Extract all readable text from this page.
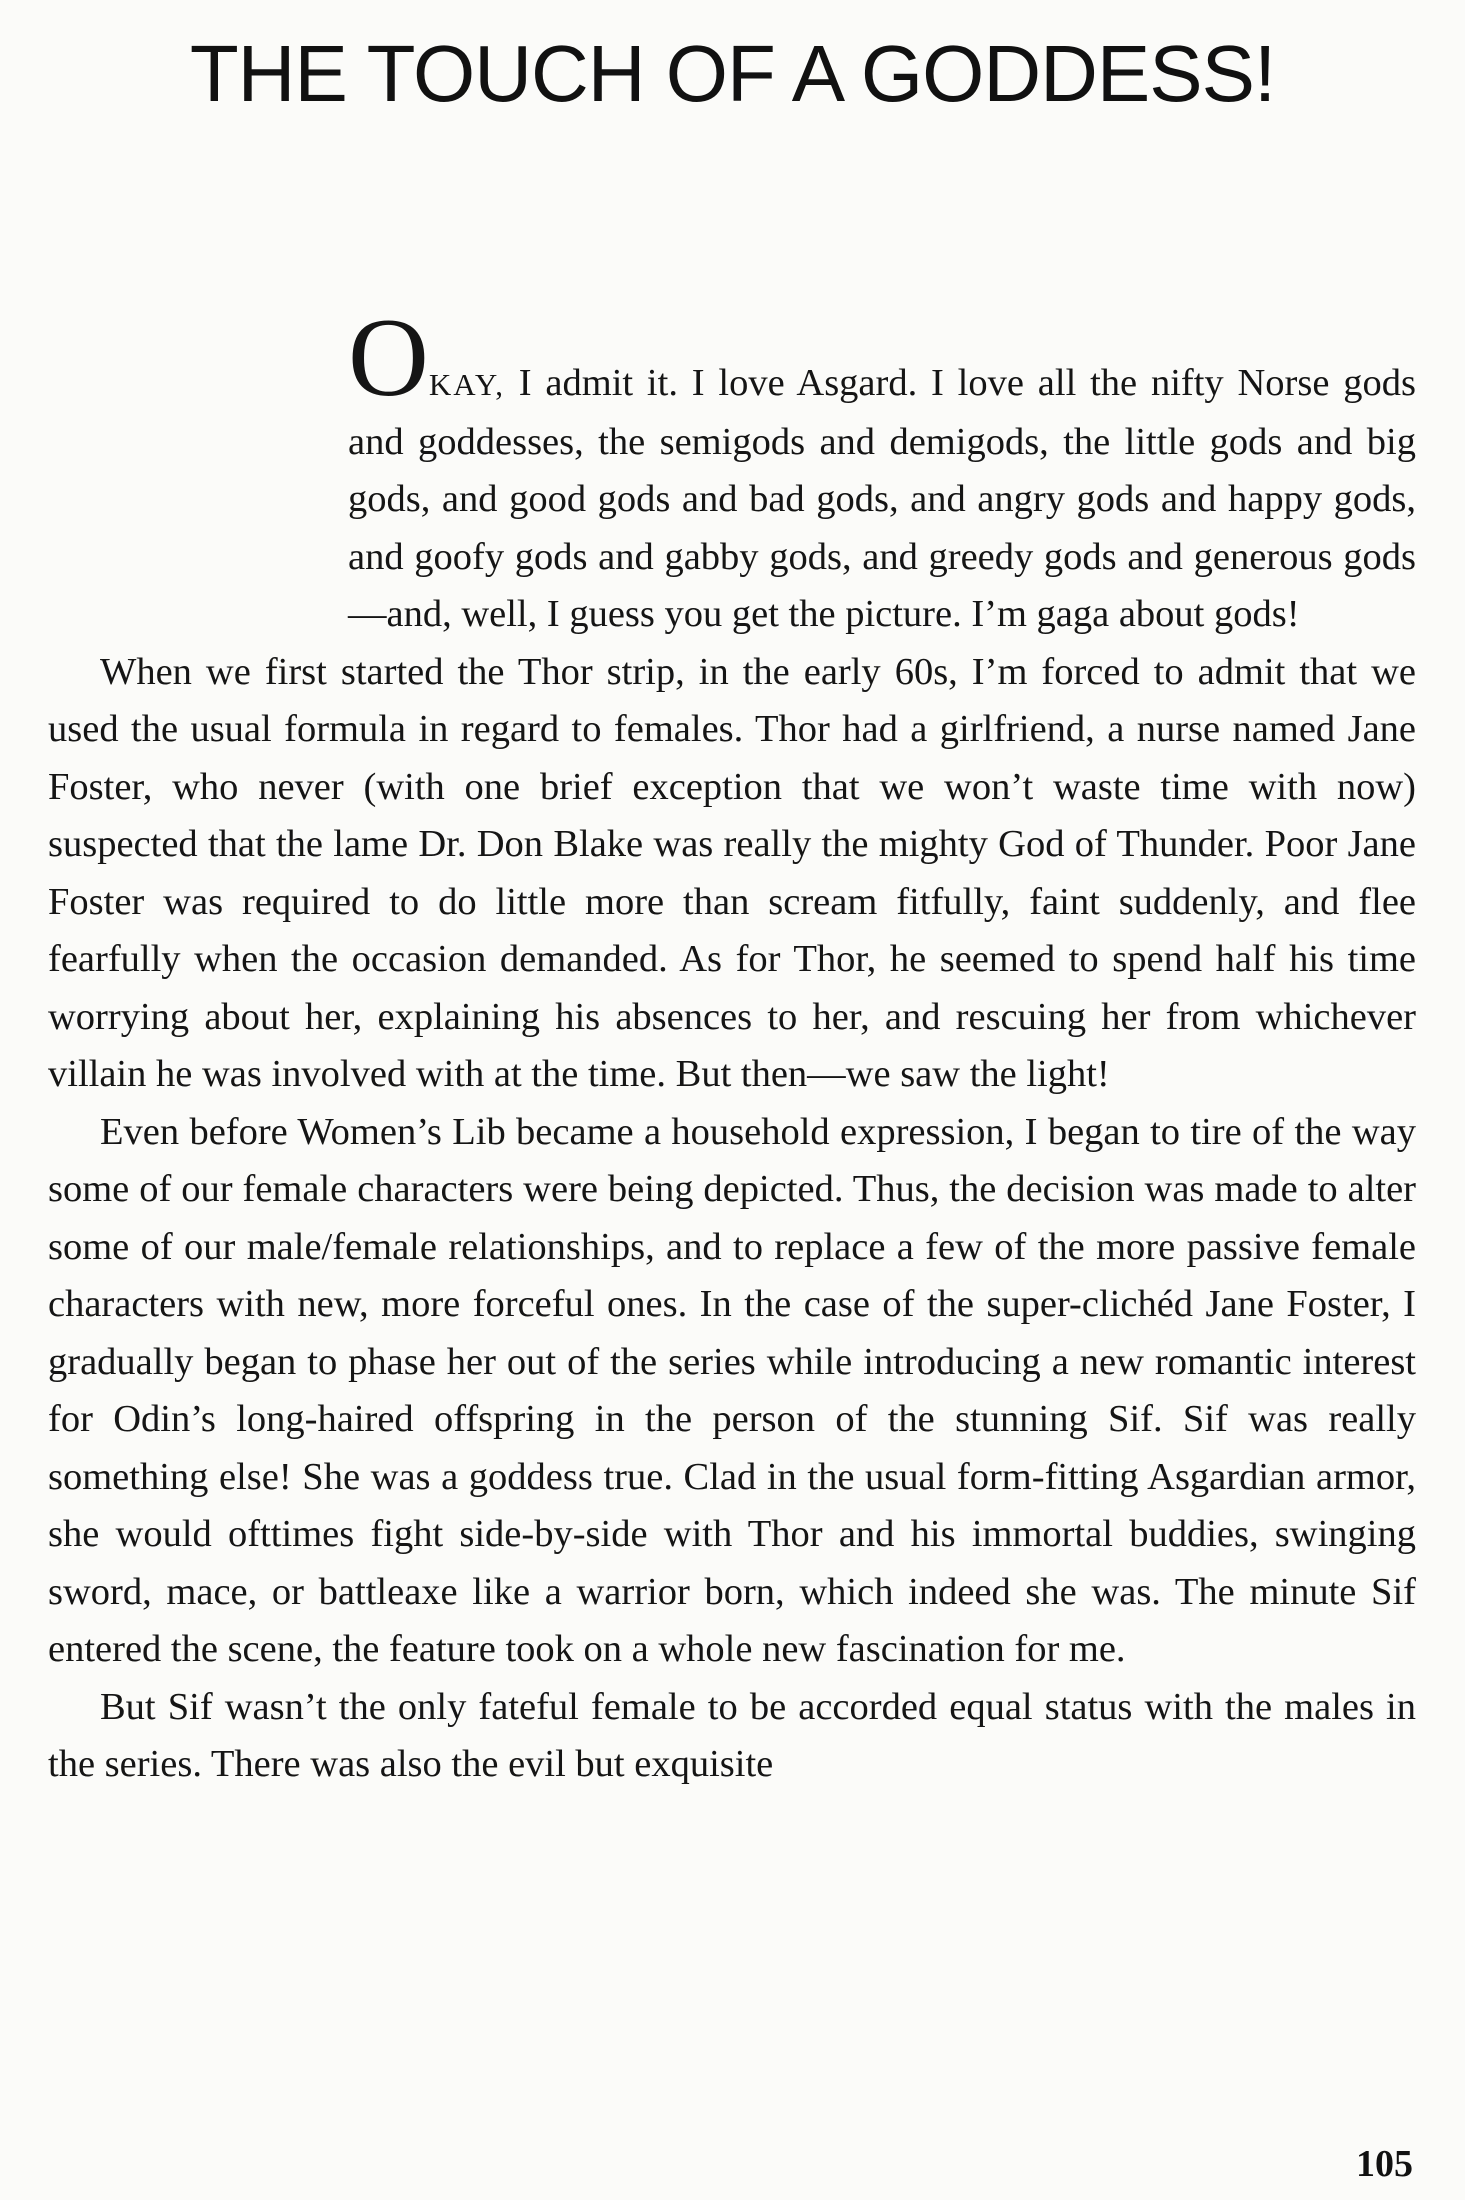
THE TOUCH OF A GODDESS!

OKAY, I admit it. I love Asgard. I love all the nifty Norse gods and goddesses, the semigods and demigods, the little gods and big gods, and good gods and bad gods, and angry gods and happy gods, and goofy gods and gabby gods, and greedy gods and generous gods—and, well, I guess you get the picture. I’m gaga about gods!

When we first started the Thor strip, in the early 60s, I’m forced to admit that we used the usual formula in regard to females. Thor had a girlfriend, a nurse named Jane Foster, who never (with one brief exception that we won’t waste time with now) suspected that the lame Dr. Don Blake was really the mighty God of Thunder. Poor Jane Foster was required to do little more than scream fitfully, faint suddenly, and flee fearfully when the occasion demanded. As for Thor, he seemed to spend half his time worrying about her, explaining his absences to her, and rescuing her from whichever villain he was involved with at the time. But then—we saw the light!

Even before Women’s Lib became a household expression, I began to tire of the way some of our female characters were being depicted. Thus, the decision was made to alter some of our male/female relationships, and to replace a few of the more passive female characters with new, more forceful ones. In the case of the super-clichéd Jane Foster, I gradually began to phase her out of the series while introducing a new romantic interest for Odin’s long-haired offspring in the person of the stunning Sif. Sif was really something else! She was a goddess true. Clad in the usual form-fitting Asgardian armor, she would ofttimes fight side-by-side with Thor and his immortal buddies, swinging sword, mace, or battleaxe like a warrior born, which indeed she was. The minute Sif entered the scene, the feature took on a whole new fascination for me.

But Sif wasn’t the only fateful female to be accorded equal status with the males in the series. There was also the evil but exquisite

105
